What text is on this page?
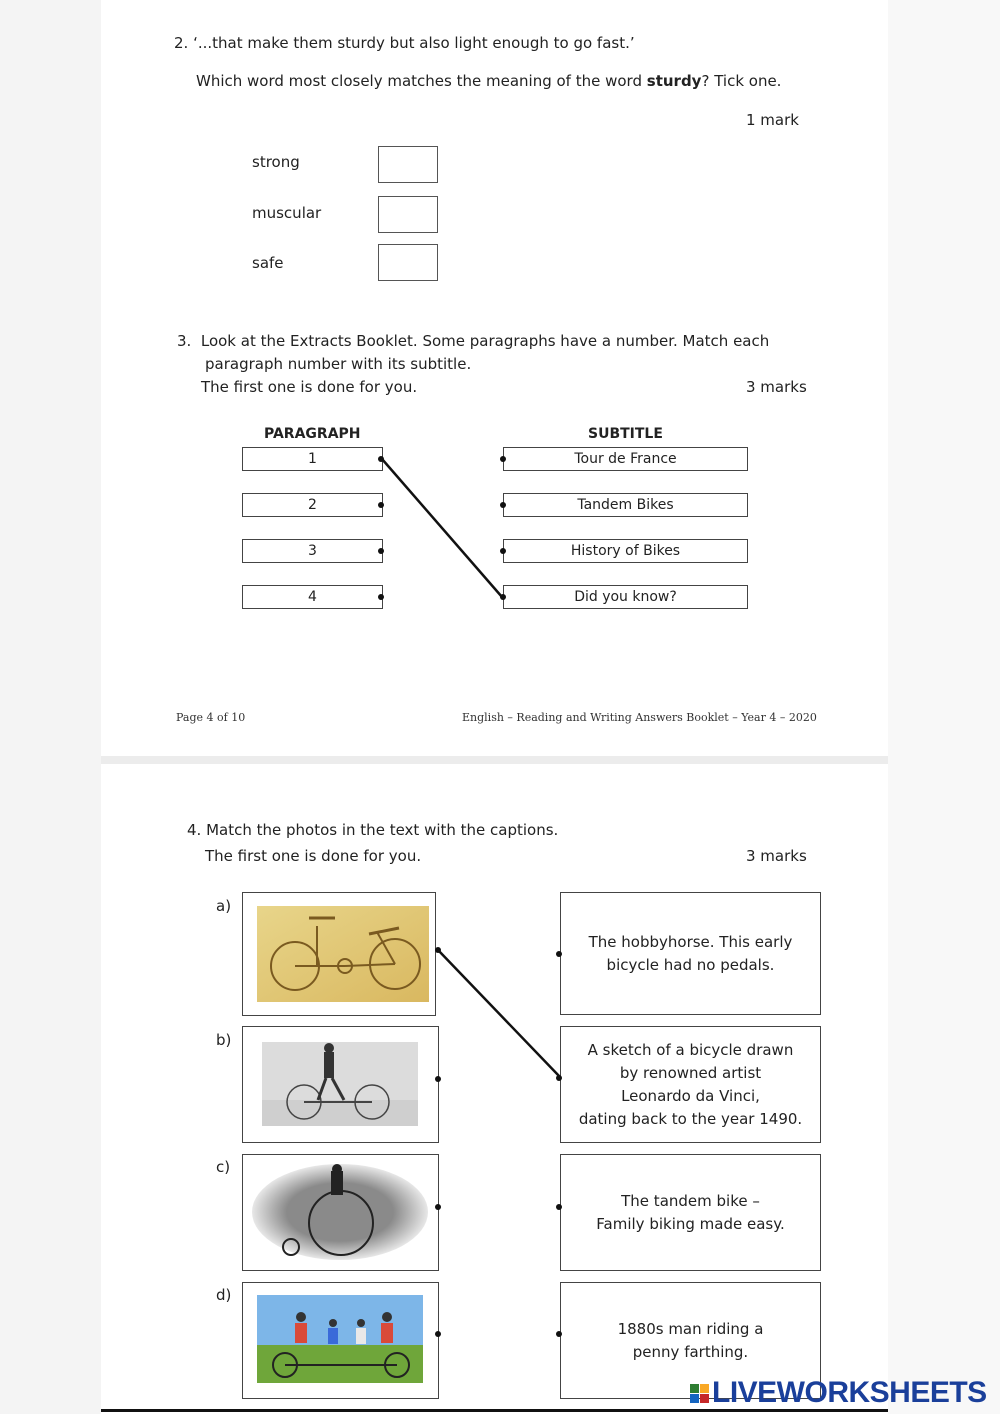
2. ‘...that make them sturdy but also light enough to go fast.’
Which word most closely matches the meaning of the word sturdy? Tick one.
1 mark
strong
muscular
safe
3. Look at the Extracts Booklet. Some paragraphs have a number. Match each
paragraph number with its subtitle.
The first one is done for you.	3 marks
PARAGRAPH	SUBTITLE
1
2
3
4
Tour de France
Tandem Bikes
History of Bikes
Did you know?
Page 4 of 10	English – Reading and Writing Answers Booklet – Year 4 – 2020
4. Match the photos in the text with the captions.
The first one is done for you.	3 marks
a)
b)
c)
d)
The hobbyhorse. This early
bicycle had no pedals.
A sketch of a bicycle drawn
by renowned artist
Leonardo da Vinci,
dating back to the year 1490.
The tandem bike –
Family biking made easy.
1880s man riding a
penny farthing.
LIVEWORKSHEETS
